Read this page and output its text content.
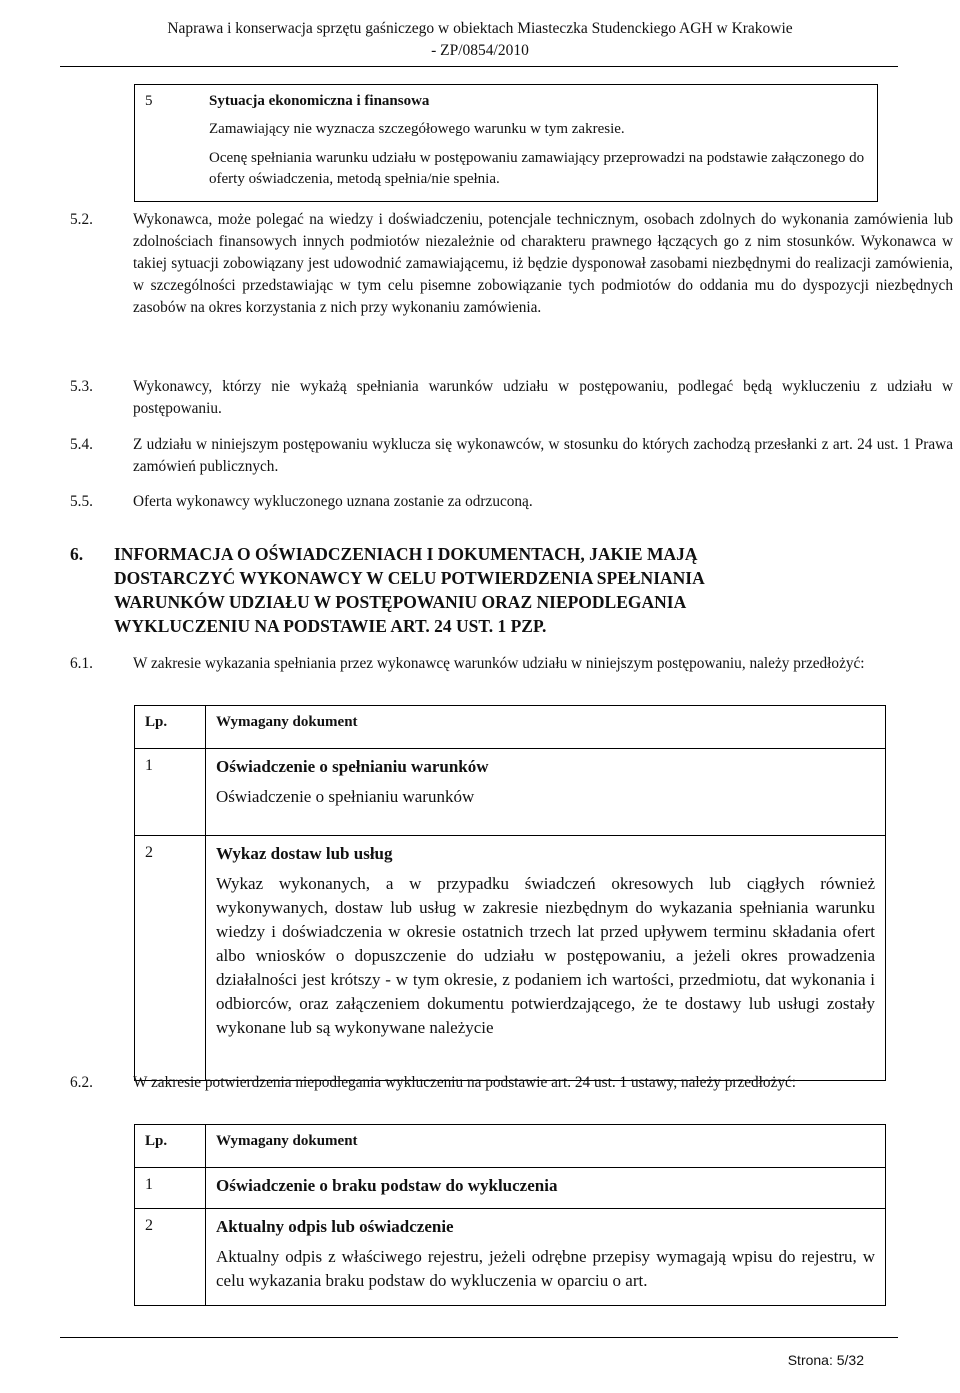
Naprawa i konserwacja sprzętu gaśniczego w obiektach Miasteczka Studenckiego AGH w Krakowie
- ZP/0854/2010
5	Sytuacja ekonomiczna i finansowa
Zamawiający nie wyznacza szczegółowego warunku w tym zakresie.
Ocenę spełniania warunku udziału w postępowaniu zamawiający przeprowadzi na podstawie załączonego do oferty oświadczenia, metodą spełnia/nie spełnia.
5.2.	Wykonawca, może polegać na wiedzy i doświadczeniu, potencjale technicznym, osobach zdolnych do wykonania zamówienia lub zdolnościach finansowych innych podmiotów niezależnie od charakteru prawnego łączących go z nim stosunków. Wykonawca w takiej sytuacji zobowiązany jest udowodnić zamawiającemu, iż będzie dysponował zasobami niezbędnymi do realizacji zamówienia, w szczególności przedstawiając w tym celu pisemne zobowiązanie tych podmiotów do oddania mu do dyspozycji niezbędnych zasobów na okres korzystania z nich przy wykonaniu zamówienia.
5.3.	Wykonawcy, którzy nie wykażą spełniania warunków udziału w postępowaniu, podlegać będą wykluczeniu z udziału w postępowaniu.
5.4.	Z udziału w niniejszym postępowaniu wyklucza się wykonawców, w stosunku do których zachodzą przesłanki z art. 24 ust. 1 Prawa zamówień publicznych.
5.5.	Oferta wykonawcy wykluczonego uznana zostanie za odrzuconą.
6. INFORMACJA O OŚWIADCZENIACH I DOKUMENTACH, JAKIE MAJĄ
DOSTARCZYĆ WYKONAWCY W CELU POTWIERDZENIA SPEŁNIANIA
WARUNKÓW UDZIAŁU W POSTĘPOWANIU ORAZ NIEPODLEGANIA
WYKLUCZENIU NA PODSTAWIE ART. 24 UST. 1 PZP.
6.1.	W zakresie wykazania spełniania przez wykonawcę warunków udziału w niniejszym postępowaniu, należy przedłożyć:
Lp.	Wymagany dokument
1	Oświadczenie o spełnianiu warunków
Oświadczenie o spełnianiu warunków

2	Wykaz dostaw lub usług
Wykaz wykonanych, a w przypadku świadczeń okresowych lub ciągłych również wykonywanych, dostaw lub usług w zakresie niezbędnym do wykazania spełniania warunku wiedzy i doświadczenia w okresie ostatnich trzech lat przed upływem terminu składania ofert albo wniosków o dopuszczenie do udziału w postępowaniu, a jeżeli okres prowadzenia działalności jest krótszy - w tym okresie, z podaniem ich wartości, przedmiotu, dat wykonania i odbiorców, oraz załączeniem dokumentu potwierdzającego, że te dostawy lub usługi zostały wykonane lub są wykonywane należycie
6.2.	W zakresie potwierdzenia niepodlegania wykluczeniu na podstawie art. 24 ust. 1 ustawy, należy przedłożyć:
Lp.	Wymagany dokument
1	Oświadczenie o braku podstaw do wykluczenia

2	Aktualny odpis lub oświadczenie
Aktualny odpis z właściwego rejestru, jeżeli odrębne przepisy wymagają wpisu do rejestru, w celu wykazania braku podstaw do wykluczenia w oparciu o art.
Strona: 5/32
